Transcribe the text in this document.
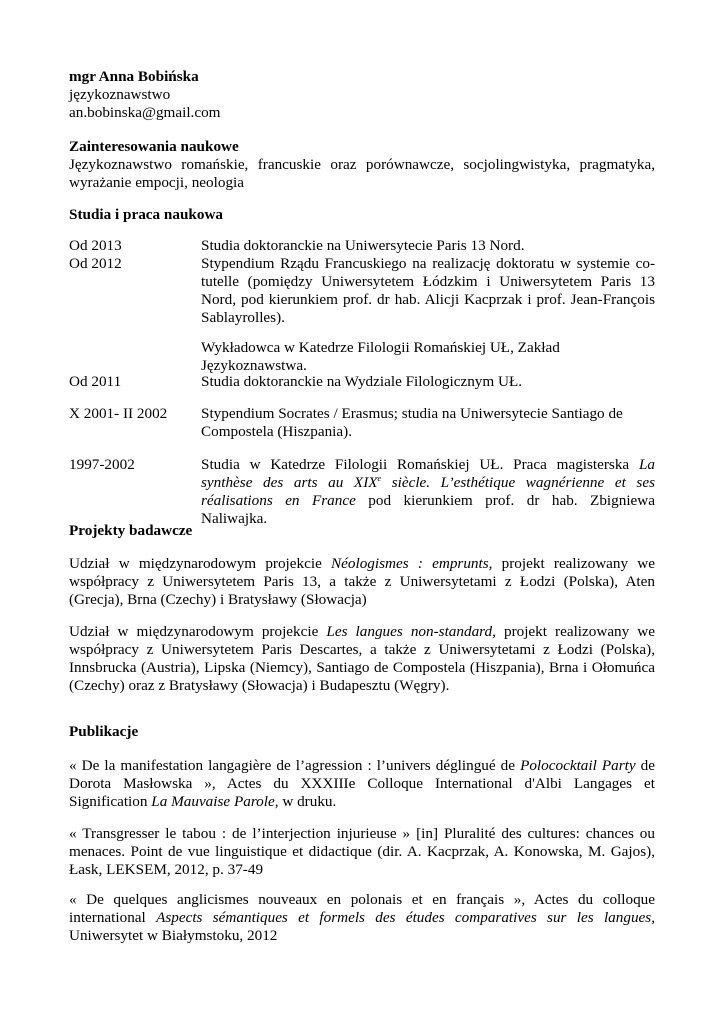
mgr Anna Bobińska
językoznawstwo
an.bobinska@gmail.com
Zainteresowania naukowe
Językoznawstwo romańskie, francuskie oraz porównawcze, socjolingwistyka, pragmatyka, wyrażanie empocji, neologia
Studia i praca naukowa
Od 2013	Studia doktoranckie na Uniwersytecie Paris 13 Nord.
Od 2012	Stypendium Rządu Francuskiego na realizację doktoratu w systemie co-tutelle (pomiędzy Uniwersytetem Łódzkim i Uniwersytetem Paris 13 Nord, pod kierunkiem prof. dr hab. Alicji Kacprzak i prof. Jean-François Sablayrolles).
Wykładowca w Katedrze Filologii Romańskiej UŁ, Zakład Językoznawstwa.
Od 2011	Studia doktoranckie na Wydziale Filologicznym UŁ.
X 2001- II 2002	Stypendium Socrates / Erasmus; studia na Uniwersytecie Santiago de Compostela (Hiszpania).
1997-2002	Studia w Katedrze Filologii Romańskiej UŁ. Praca magisterska La synthèse des arts au XIXe siècle. L’esthétique wagnérienne et ses réalisations en France pod kierunkiem prof. dr hab. Zbigniewa Naliwajka.
Projekty badawcze
Udział w międzynarodowym projekcie Néologismes : emprunts, projekt realizowany we współpracy z Uniwersytetem Paris 13, a także z Uniwersytetami z Łodzi (Polska), Aten (Grecja), Brna (Czechy) i Bratysławy (Słowacja)
Udział w międzynarodowym projekcie Les langues non-standard, projekt realizowany we współpracy z Uniwersytetem Paris Descartes, a także z Uniwersytetami z Łodzi (Polska), Innsbrucka (Austria), Lipska (Niemcy), Santiago de Compostela (Hiszpania), Brna i Ołomuńca (Czechy) oraz z Bratysławy (Słowacja) i Budapesztu (Węgry).
Publikacje
« De la manifestation langagière de l’agression : l’univers déglingué de Polococktail Party de Dorota Masłowska », Actes du XXXIIIe Colloque International d'Albi Langages et Signification La Mauvaise Parole, w druku.
« Transgresser le tabou : de l’interjection injurieuse » [in] Pluralité des cultures: chances ou menaces. Point de vue linguistique et didactique (dir. A. Kacprzak, A. Konowska, M. Gajos), Łask, LEKSEM, 2012, p. 37-49
« De quelques anglicismes nouveaux en polonais et en français », Actes du colloque international Aspects sémantiques et formels des études comparatives sur les langues, Uniwersytet w Białymstoku, 2012
